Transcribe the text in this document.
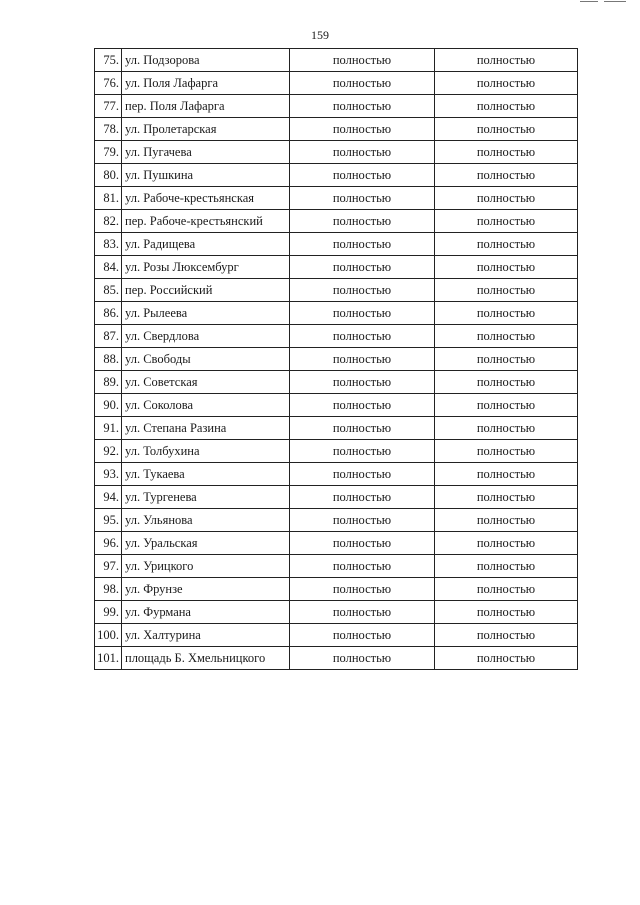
159
75.	ул. Подзорова	полностью	полностью
76.	ул. Поля Лафарга	полностью	полностью
77.	пер. Поля Лафарга	полностью	полностью
78.	ул. Пролетарская	полностью	полностью
79.	ул. Пугачева	полностью	полностью
80.	ул. Пушкина	полностью	полностью
81.	ул. Рабоче-крестьянская	полностью	полностью
82.	пер. Рабоче-крестьянский	полностью	полностью
83.	ул. Радищева	полностью	полностью
84.	ул. Розы Люксембург	полностью	полностью
85.	пер. Российский	полностью	полностью
86.	ул. Рылеева	полностью	полностью
87.	ул. Свердлова	полностью	полностью
88.	ул. Свободы	полностью	полностью
89.	ул. Советская	полностью	полностью
90.	ул. Соколова	полностью	полностью
91.	ул. Степана Разина	полностью	полностью
92.	ул. Толбухина	полностью	полностью
93.	ул. Тукаева	полностью	полностью
94.	ул. Тургенева	полностью	полностью
95.	ул. Ульянова	полностью	полностью
96.	ул. Уральская	полностью	полностью
97.	ул. Урицкого	полностью	полностью
98.	ул. Фрунзе	полностью	полностью
99.	ул. Фурмана	полностью	полностью
100.	ул. Халтурина	полностью	полностью
101.	площадь Б. Хмельницкого	полностью	полностью
